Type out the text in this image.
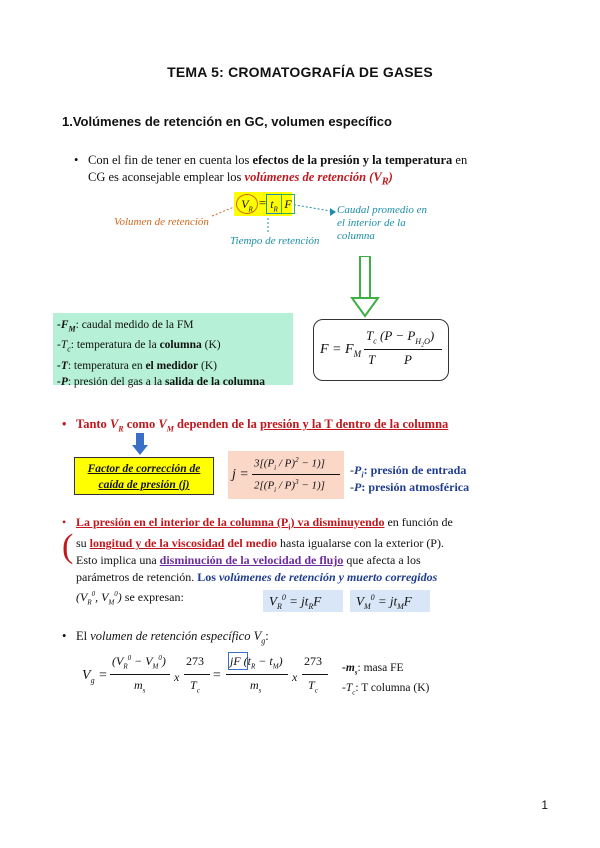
TEMA 5: CROMATOGRAFÍA DE GASES
1.Volúmenes de retención en GC, volumen específico
• Con el fin de tener en cuenta los efectos de la presión y la temperatura en
CG es aconsejable emplear los volúmenes de retención $(V_R)$
$V_R = t_R$ F
Volumen de retención
Tiempo de retención
Caudal promedio en
el interior de la
columna
$-F_M$: caudal medido de la FM
$-T_c$: temperatura de la columna (K)
-T: temperatura en el medidor (K)
-P: presión del gas a la salida de la columna
$F = F_M$
$T_c$ $(P - P_{H_2O})$
T P
• Tanto $V_R$ como $V_M$ dependen de la presión y la T dentro de la columna
Factor de corrección de
caída de presión (j)
j =
$3[(P_i / P)^2 - 1)$]
$2[(P_i / P)^3 - 1)$]
$-P_i$: presión de entrada
-P: presión atmosférica
(
• La presión en el interior de la columna $(P_i)$ va disminuyendo en función de
su longitud y de la viscosidad del medio hasta igualarse con la exterior (P).
Esto implica una disminución de la velocidad de flujo que afecta a los
parámetros de retención. Los volúmenes de retención y muerto corregidos
($V_R^0$, $V_M^0$) se expresan:	$V_R^0 = jt_RF$	$V_M^0 = jt_MF$
• El volumen de retención específico $V_g$:
$V_g$ =
$(V_R^0 - V_M^0)$
$m_s$
x
273
$T_c$
=
jF $(t_R - t_M)$
$m_s$
x
273
$T_c$
$-m_s$: masa FE
$-T_c$: T columna (K)
1
